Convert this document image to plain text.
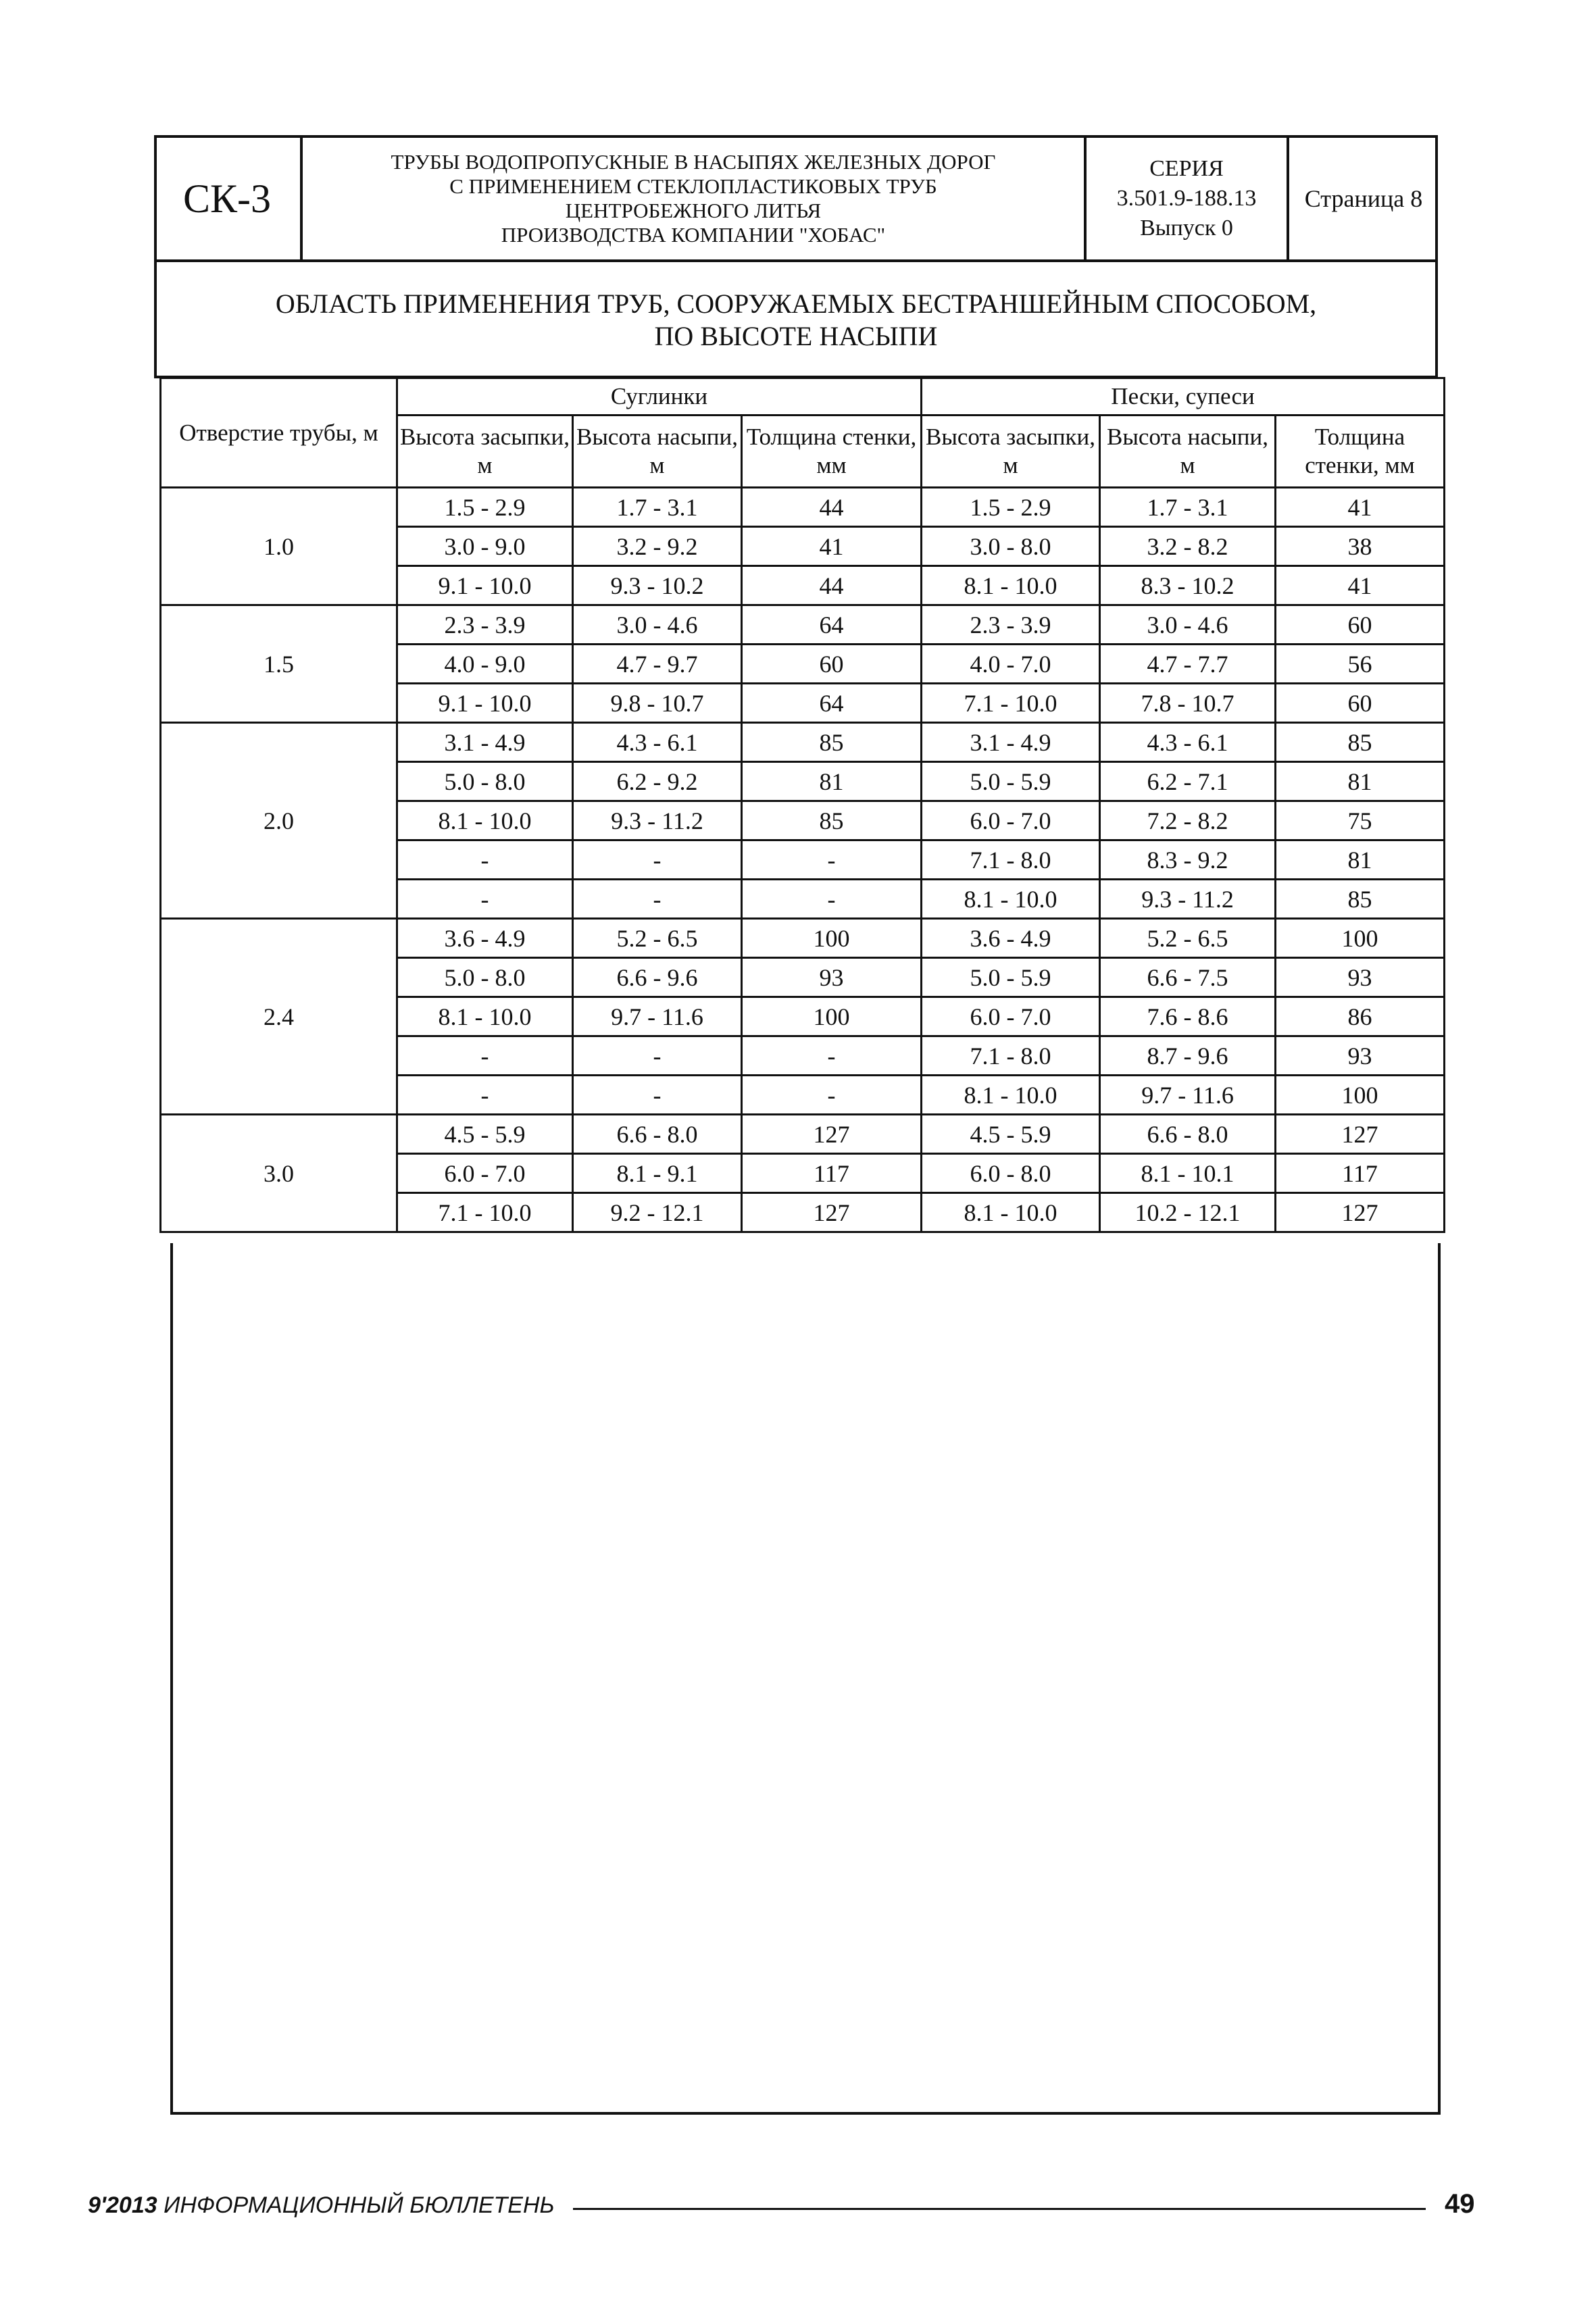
СК-3
ТРУБЫ ВОДОПРОПУСКНЫЕ В НАСЫПЯХ ЖЕЛЕЗНЫХ ДОРОГ
С ПРИМЕНЕНИЕМ СТЕКЛОПЛАСТИКОВЫХ ТРУБ
ЦЕНТРОБЕЖНОГО ЛИТЬЯ
ПРОИЗВОДСТВА КОМПАНИИ "ХОБАС"
СЕРИЯ
3.501.9-188.13
Выпуск 0
Страница 8
ОБЛАСТЬ ПРИМЕНЕНИЯ ТРУБ, СООРУЖАЕМЫХ БЕСТРАНШЕЙНЫМ СПОСОБОМ,
ПО ВЫСОТЕ НАСЫПИ
Отверстие трубы, м	Суглинки			Пески, супеси		
	Высота засыпки, м	Высота насыпи, м	Толщина стенки, мм	Высота засыпки, м	Высота насыпи, м	Толщина стенки, мм
1.0	1.5 - 2.9	1.7 - 3.1	44	1.5 - 2.9	1.7 - 3.1	41
	3.0 - 9.0	3.2 - 9.2	41	3.0 - 8.0	3.2 - 8.2	38
	9.1 - 10.0	9.3 - 10.2	44	8.1 - 10.0	8.3 - 10.2	41
1.5	2.3 - 3.9	3.0 - 4.6	64	2.3 - 3.9	3.0 - 4.6	60
	4.0 - 9.0	4.7 - 9.7	60	4.0 - 7.0	4.7 - 7.7	56
	9.1 - 10.0	9.8 - 10.7	64	7.1 - 10.0	7.8 - 10.7	60
2.0	3.1 - 4.9	4.3 - 6.1	85	3.1 - 4.9	4.3 - 6.1	85
	5.0 - 8.0	6.2 - 9.2	81	5.0 - 5.9	6.2 - 7.1	81
	8.1 - 10.0	9.3 - 11.2	85	6.0 - 7.0	7.2 - 8.2	75
	-	-	-	7.1 - 8.0	8.3 - 9.2	81
	-	-	-	8.1 - 10.0	9.3 - 11.2	85
2.4	3.6 - 4.9	5.2 - 6.5	100	3.6 - 4.9	5.2 - 6.5	100
	5.0 - 8.0	6.6 - 9.6	93	5.0 - 5.9	6.6 - 7.5	93
	8.1 - 10.0	9.7 - 11.6	100	6.0 - 7.0	7.6 - 8.6	86
	-	-	-	7.1 - 8.0	8.7 - 9.6	93
	-	-	-	8.1 - 10.0	9.7 - 11.6	100
3.0	4.5 - 5.9	6.6 - 8.0	127	4.5 - 5.9	6.6 - 8.0	127
	6.0 - 7.0	8.1 - 9.1	117	6.0 - 8.0	8.1 - 10.1	117
	7.1 - 10.0	9.2 - 12.1	127	8.1 - 10.0	10.2 - 12.1	127
9'2013 ИНФОРМАЦИОННЫЙ БЮЛЛЕТЕНЬ	49
